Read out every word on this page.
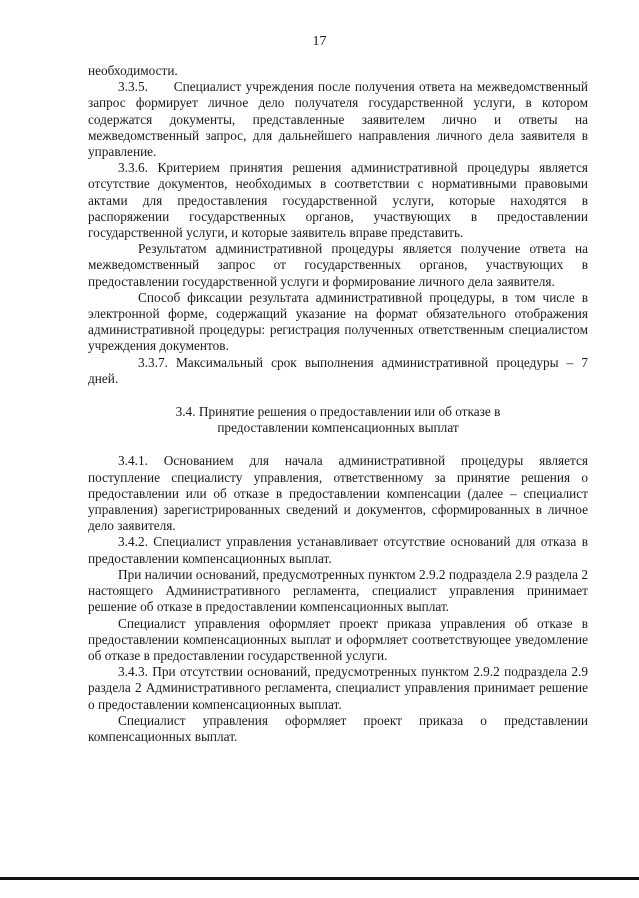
17

необходимости.

3.3.5.      Специалист учреждения после получения ответа на межведомственный запрос формирует личное дело получателя государственной услуги, в котором содержатся документы, представленные заявителем лично и ответы на межведомственный запрос, для дальнейшего направления личного дела заявителя в управление.

3.3.6. Критерием принятия решения административной процедуры является отсутствие документов, необходимых в соответствии с нормативными правовыми актами для предоставления государственной услуги, которые находятся в распоряжении государственных органов, участвующих в предоставлении государственной услуги, и которые заявитель вправе представить.

Результатом административной процедуры является получение ответа на межведомственный запрос от государственных органов, участвующих в предоставлении государственной услуги и формирование личного дела заявителя.

Способ фиксации результата административной процедуры, в том числе в электронной форме, содержащий указание на формат обязательного отображения административной процедуры: регистрация полученных ответственным специалистом учреждения документов.

3.3.7. Максимальный срок выполнения административной процедуры – 7 дней.

3.4. Принятие решения о предоставлении или об отказе в
предоставлении компенсационных выплат

3.4.1. Основанием для начала административной процедуры является поступление специалисту управления, ответственному за принятие решения о предоставлении или об отказе в предоставлении компенсации (далее – специалист управления) зарегистрированных сведений и документов, сформированных в личное дело заявителя.

3.4.2. Специалист управления устанавливает отсутствие оснований для отказа в предоставлении компенсационных выплат.

При наличии оснований, предусмотренных пунктом 2.9.2 подраздела 2.9 раздела 2 настоящего Административного регламента, специалист управления принимает решение об отказе в предоставлении компенсационных выплат.

Специалист управления оформляет проект приказа управления об отказе в предоставлении компенсационных выплат и оформляет соответствующее уведомление об отказе в предоставлении государственной услуги.

3.4.3. При отсутствии оснований, предусмотренных пунктом 2.9.2 подраздела 2.9 раздела 2 Административного регламента, специалист управления принимает решение о предоставлении компенсационных выплат.

Специалист управления оформляет проект приказа о представлении компенсационных выплат.
